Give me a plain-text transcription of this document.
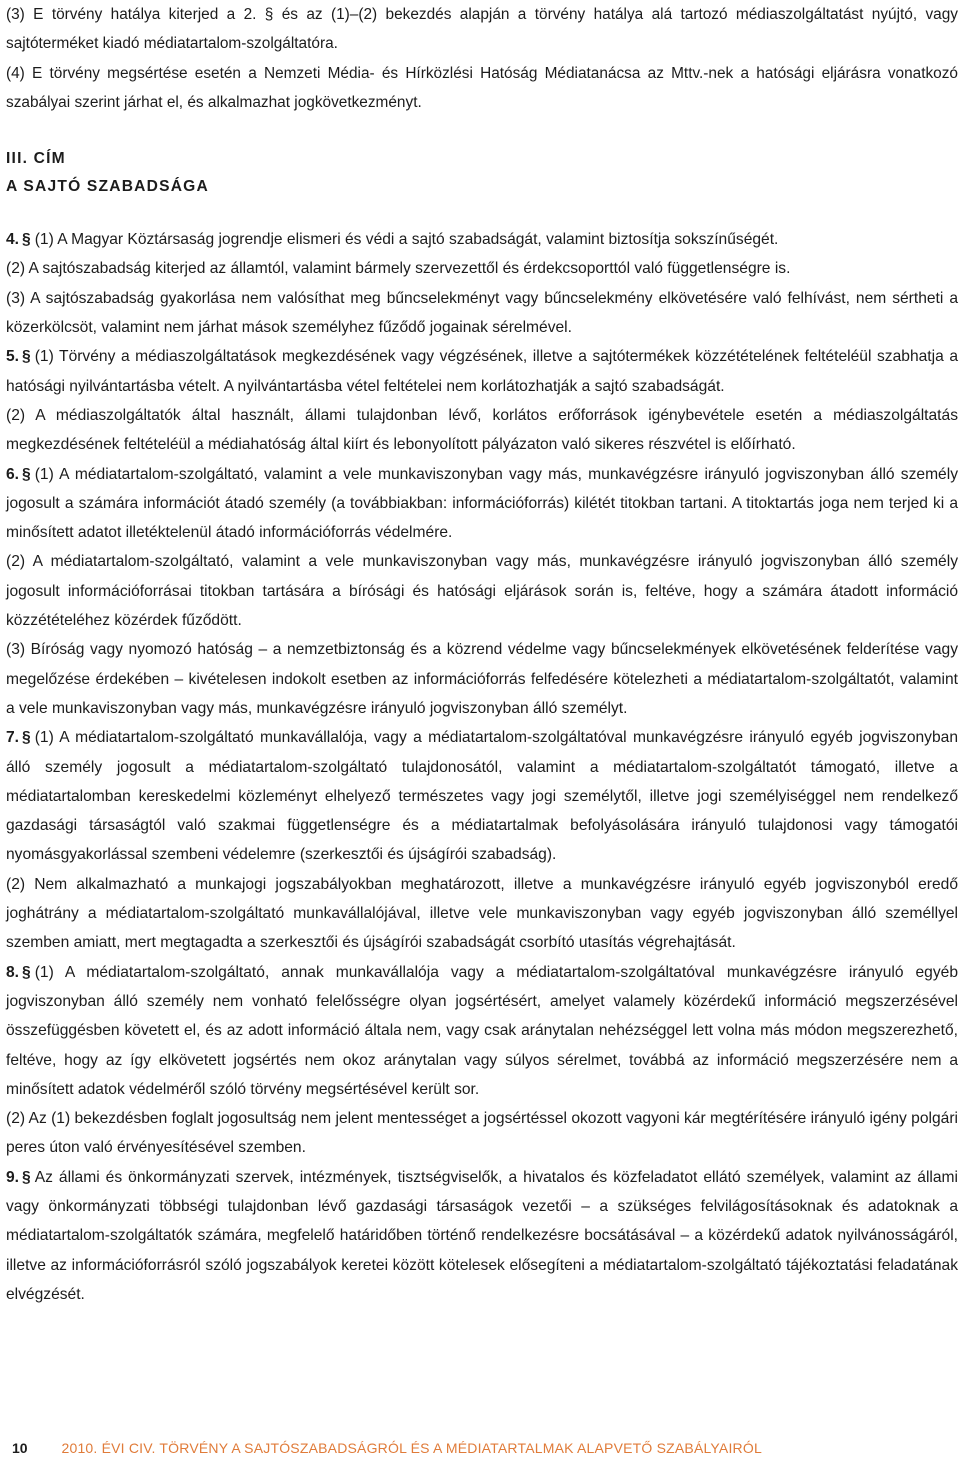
(3) E törvény hatálya kiterjed a 2. § és az (1)–(2) bekezdés alapján a törvény hatálya alá tartozó médiaszolgáltatást nyújtó, vagy sajtóterméket kiadó médiatartalom-szolgáltatóra.

(4) E törvény megsértése esetén a Nemzeti Média- és Hírközlési Hatóság Médiatanácsa az Mttv.-nek a hatósági eljárásra vonatkozó szabályai szerint járhat el, és alkalmazhat jogkövetkezményt.

III. CÍM
A SAJTÓ SZABADSÁGA

4. § (1) A Magyar Köztársaság jogrendje elismeri és védi a sajtó szabadságát, valamint biztosítja sokszínűségét.

(2) A sajtószabadság kiterjed az államtól, valamint bármely szervezettől és érdekcsoporttól való függetlenségre is.

(3) A sajtószabadság gyakorlása nem valósíthat meg bűncselekményt vagy bűncselekmény elkövetésére való felhívást, nem sértheti a közerkölcsöt, valamint nem járhat mások személyhez fűződő jogainak sérelmével.

5. § (1) Törvény a médiaszolgáltatások megkezdésének vagy végzésének, illetve a sajtótermékek közzétételének feltételéül szabhatja a hatósági nyilvántartásba vételt. A nyilvántartásba vétel feltételei nem korlátozhatják a sajtó szabadságát.

(2) A médiaszolgáltatók által használt, állami tulajdonban lévő, korlátos erőforrások igénybevétele esetén a médiaszolgáltatás megkezdésének feltételéül a médiahatóság által kiírt és lebonyolított pályázaton való sikeres részvétel is előírható.

6. § (1) A médiatartalom-szolgáltató, valamint a vele munkaviszonyban vagy más, munkavégzésre irányuló jogviszonyban álló személy jogosult a számára információt átadó személy (a továbbiakban: információforrás) kilétét titokban tartani. A titoktartás joga nem terjed ki a minősített adatot illetéktelenül átadó információforrás védelmére.

(2) A médiatartalom-szolgáltató, valamint a vele munkaviszonyban vagy más, munkavégzésre irányuló jogviszonyban álló személy jogosult információforrásai titokban tartására a bírósági és hatósági eljárások során is, feltéve, hogy a számára átadott információ közzétételéhez közérdek fűződött.

(3) Bíróság vagy nyomozó hatóság – a nemzetbiztonság és a közrend védelme vagy bűncselekmények elkövetésének felderítése vagy megelőzése érdekében – kivételesen indokolt esetben az információforrás felfedésére kötelezheti a médiatartalom-szolgáltatót, valamint a vele munkaviszonyban vagy más, munkavégzésre irányuló jogviszonyban álló személyt.

7. § (1) A médiatartalom-szolgáltató munkavállalója, vagy a médiatartalom-szolgáltatóval munkavégzésre irányuló egyéb jogviszonyban álló személy jogosult a médiatartalom-szolgáltató tulajdonosától, valamint a médiatartalom-szolgáltatót támogató, illetve a médiatartalomban kereskedelmi közleményt elhelyező természetes vagy jogi személytől, illetve jogi személyiséggel nem rendelkező gazdasági társaságtól való szakmai függetlenségre és a médiatartalmak befolyásolására irányuló tulajdonosi vagy támogatói nyomásgyakorlással szembeni védelemre (szerkesztői és újságírói szabadság).

(2) Nem alkalmazható a munkajogi jogszabályokban meghatározott, illetve a munkavégzésre irányuló egyéb jogviszonyból eredő joghátrány a médiatartalom-szolgáltató munkavállalójával, illetve vele munkaviszonyban vagy egyéb jogviszonyban álló személlyel szemben amiatt, mert megtagadta a szerkesztői és újságírói szabadságát csorbító utasítás végrehajtását.

8. § (1) A médiatartalom-szolgáltató, annak munkavállalója vagy a médiatartalom-szolgáltatóval munkavégzésre irányuló egyéb jogviszonyban álló személy nem vonható felelősségre olyan jogsértésért, amelyet valamely közérdekű információ megszerzésével összefüggésben követett el, és az adott információ általa nem, vagy csak aránytalan nehézséggel lett volna más módon megszerezhető, feltéve, hogy az így elkövetett jogsértés nem okoz aránytalan vagy súlyos sérelmet, továbbá az információ megszerzésére nem a minősített adatok védelméről szóló törvény megsértésével került sor.

(2) Az (1) bekezdésben foglalt jogosultság nem jelent mentességet a jogsértéssel okozott vagyoni kár megtérítésére irányuló igény polgári peres úton való érvényesítésével szemben.

9. § Az állami és önkormányzati szervek, intézmények, tisztségviselők, a hivatalos és közfeladatot ellátó személyek, valamint az állami vagy önkormányzati többségi tulajdonban lévő gazdasági társaságok vezetői – a szükséges felvilágosításoknak és adatoknak a médiatartalom-szolgáltatók számára, megfelelő határidőben történő rendelkezésre bocsátásával – a közérdekű adatok nyilvánosságáról, illetve az információforrásról szóló jogszabályok keretei között kötelesek elősegíteni a médiatartalom-szolgáltató tájékoztatási feladatának elvégzését.

10 2010. ÉVI CIV. TÖRVÉNY A SAJTÓSZABADSÁGRÓL ÉS A MÉDIATARTALMAK ALAPVETŐ SZABÁLYAIRÓL
